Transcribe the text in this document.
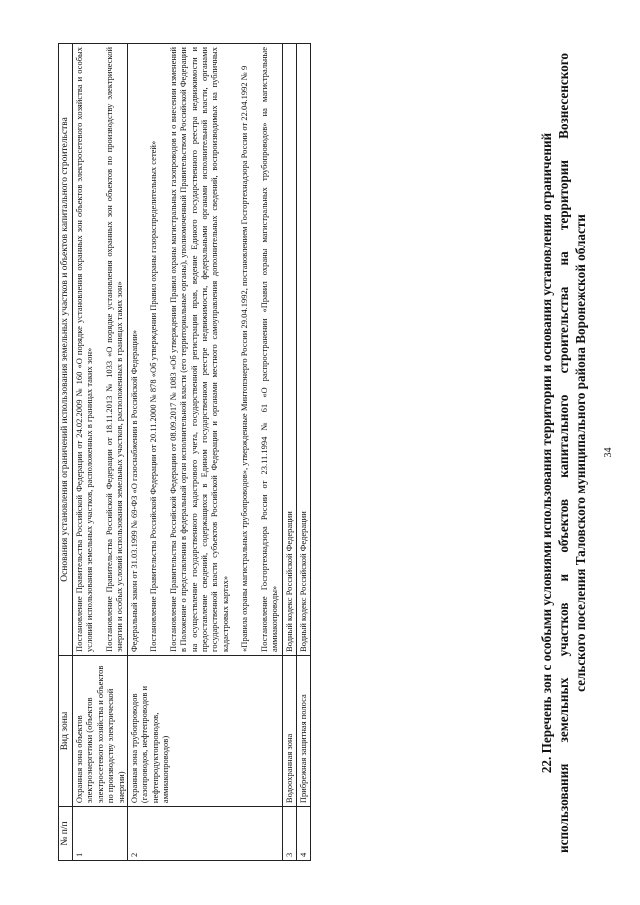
34

22. Перечень зон с особыми условиями использования территории и основания установления ограничений использования земельных участков и объектов капитального строительства на территории Вознесенского сельского поселения Таловского муниципального района Воронежской области

№ п/п	Вид зоны	Основания установления ограничений использования земельных участков и объектов капитального строительства
1	Охранная зона объектов электроэнергетики (объектов электросетевого хозяйства и объектов по производству электрической энергии)	Постановление Правительства Российской Федерации от 24.02.2009 № 160 «О порядке установления охранных зон объектов электросетевого хозяйства и особых условий использования земельных участков, расположенных в границах таких зон» Постановление Правительства Российской Федерации от 18.11.2013 № 1033 «О порядке установления охранных зон объектов по производству электрической энергии и особых условий использования земельных участков, расположенных в границах таких зон»

2	Охранная зона трубопроводов (газопроводов, нефтепроводов и нефтепродуктопроводов, аммиакопроводов)	Федеральный закон от 31.03.1999 № 69-ФЗ «О газоснабжении в Российской Федерации» Постановление Правительства Российской Федерации от 20.11.2000 № 878 «Об утверждении Правил охраны газораспределительных сетей» Постановление Правительства Российской Федерации от 08.09.2017 № 1083 «Об утверждении Правил охраны магистральных газопроводов и о внесении изменений в Положение о представлении в федеральный орган исполнительной власти (его территориальные органы), уполномоченный Правительством Российской Федерации на осуществление государственного кадастрового учета, государственной регистрации прав, ведение Единого государственного реестра недвижимости и предоставление сведений, содержащихся в Едином государственном реестре недвижимости, федеральными органами исполнительной власти, органами государственной власти субъектов Российской Федерации и органами местного самоуправления дополнительных сведений, воспроизводимых на публичных кадастровых картах» «Правила охраны магистральных трубопроводов», утвержденные Минтопэнерго России 29.04.1992, постановлением Госгортехнадзора России от 22.04.1992 № 9 Постановление Госгортехнадзора России от 23.11.1994 № 61 «О распространении «Правил охраны магистральных трубопроводов» на магистральные аммиакопроводы»

3	Водоохранная зона	Водный кодекс Российской Федерации

4	Прибрежная защитная полоса	Водный кодекс Российской Федерации
